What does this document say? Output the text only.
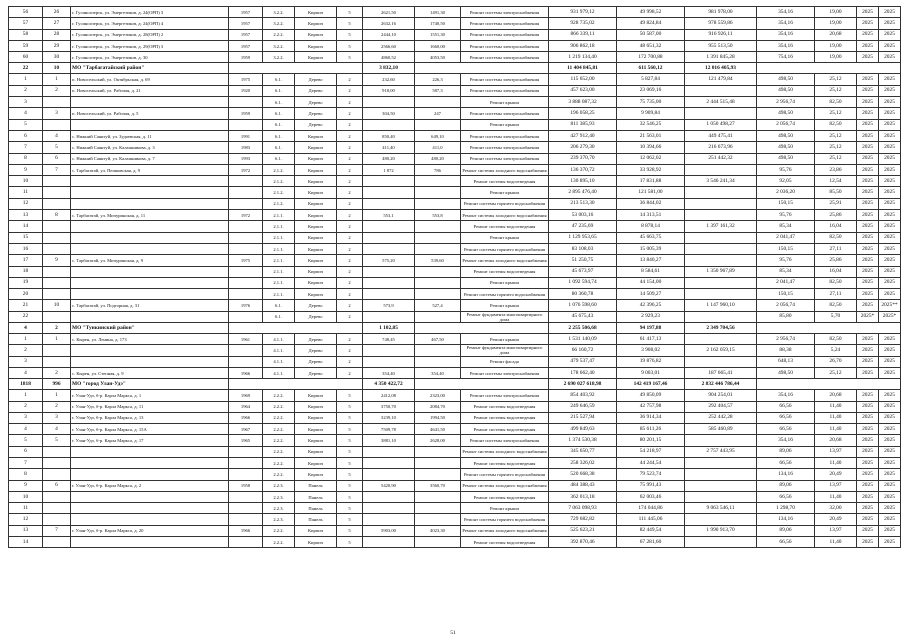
56	26	г. Гусиноозерск, ул. Энергетиков, д. 24(ОРП) 3	1957	3.2.2.	Кирпич	5	2621,50	1491,30	Ремонт системы электроснабжения	931 979,12	49 998,52	981 978,00	354,16	19,00	2025	2025
57	27	г. Гусиноозерск, ул. Энергетиков, д. 24(ОРП) 4	1957	3.2.2.	Кирпич	5	2632,16	1740,50	Ремонт системы электроснабжения	928 735,02	49 824,84	978 559,86	354,16	19,00	2025	2025
58	28	г. Гусиноозерск, ул. Энергетиков, д. 28(ОРП) 2	1957	2.2.2.	Кирпич	5	2444,10	1551,30	Ремонт системы электроснабжения	866 339,11	50 587,00	916 926,11	354,16	20,68	2025	2025
59	29	г. Гусиноозерск, ул. Энергетиков, д. 29(ОРП) 3	1957	3.2.2.	Кирпич	5	2566,60	1660,00	Ремонт системы электроснабжения	906 862,18	48 651,32	955 513,50	354,16	19,00	2025	2025
60	30	г. Гусиноозерск, ул. Энергетиков, д. 30	1959	3.2.2.	Кирпич	5	4860,52	4053,50	Ремонт системы электроснабжения	1 219 134,40	172 700,88	1 391 845,28	754,16	19,00	2025	2025
22	10	МО "Тарбагатайский район"					3 832,10			11 404 845,81	611 560,12	12 016 405,93				
1	1	п. Новосельский, ул. Октябрьская, д. 69	1975	6.1.	Дерево	2	232,60	226,3	Ремонт системы электроснабжения	115 652,00	5 827,84	121 479,84	498,50	25,12	2025	2025
2	2	п. Новосельский, ул. Рабочая, д. 21	1920	6.1.	Дерево	2	918,00	587,3	Ремонт системы электроснабжения	457 623,00	23 069,16		498,50	25,12	2025	2025
3				6.1.	Дерево	2			Ремонт крыши	3 888 087,32	75 735,00	2 444 515,48	2 956,74	82,50	2025	2025
4	3	п. Новосельский, ул. Рабочая, д. 5	1959	6.1.	Дерево	2	304,50	247	Ремонт системы электроснабжения	196 058,25	9 909,84		498,50	25,12	2025	2025
5				6.1.	Дерево	2			Ремонт крыши	811 385,93	32 546,25	1 050 498,27	2 056,74	82,50	2025	2025
6	4	с. Нижний Саянтуй, ул. Зудаевская, д. 11	1991	6.1.	Кирпич	2	850,40	649,10	Ремонт системы электроснабжения	427 912,40	21 563,01	449 475,41	498,50	25,12	2025	2025
7	5	с. Нижний Саянтуй, ул. Калашникова, д. 3	1983	6.1.	Кирпич	2	411,40	411,0	Ремонт системы электроснабжения	206 279,30	10 394,66	216 673,96	498,50	25,12	2025	2025
8	6	с. Нижний Саянтуй, ул. Калашникова, д. 7	1993	6.1.	Кирпич	2	480,20	480,20	Ремонт системы электроснабжения	239 370,70	12 062,02	251 442,32	498,50	25,12	2025	2025
9	7	с. Тарбагатай, ул. Пешковская, д. 9	1972	2.1.2.	Кирпич	2	1 872	786	Ремонт системы холодного водоснабжения	136 370,72	33 928,92		95,76	23,86	2025	2025
10				2.1.2.	Кирпич	2			Ремонт системы водоотведения	130 895,10	17 831,88	3 546 241,34	92,05	12,54	2025	2025
11				2.1.2.	Кирпич	2			Ремонт крыши	2 895 476,40	121 581,00		2 036,20	85,50	2025	2025
12				2.1.2.	Кирпич	2			Ремонт системы горячего водоснабжения	213 513,30	36 844,02		150,15	25,91	2025	2025
13	8	с. Тарбагатай, ул. Мичуринская, д. 11	1972	2.1.1.	Кирпич	2	553,1	553,8	Ремонт системы холодного водоснабжения	53 003,16	14 313,51		95,76	25,86	2025	2025
14				2.1.1.	Кирпич	2			Ремонт системы водоотведения	47 235,69	8 878,14	1 397 161,32	85,34	16,04	2025	2025
15				2.1.1.	Кирпич	2			Ремонт крыши	1 129 953,65	45 663,75		2 041,47	82,50	2025	2025
16				2.1.1.	Кирпич	2			Ремонт системы горячего водоснабжения	83 108,03	15 005,39		150,15	27,11	2025	2025
17	9	с. Тарбагатай, ул. Мичуринская, д. 9	1975	2.1.1.	Кирпич	2	575,20	539,60	Ремонт системы холодного водоснабжения	51 250,75	13 840,27		95,76	25,86	2025	2025
18				2.1.1.	Кирпич	2			Ремонт системы водоотведения	45 673,97	8 584,61	1 350 967,89	85,34	16,04	2025	2025
19				2.1.1.	Кирпич	2			Ремонт крыши	1 092 594,74	44 154,00		2 041,47	82,50	2025	2025
20				2.1.1.	Кирпич	2			Ремонт системы горячего водоснабжения	80 360,78	14 509,27		150,15	27,11	2025	2025
21	10	с. Тарбагатай, ул. Подгорная, д. 31	1976	6.1.	Дерево	2	573,9	527,4	Ремонт крыши	1 076 598,60	42 396,25	1 147 960,10	2 056,74	82,50	2025	2025**
22				6.1.	Дерево	2			Ремонт фундамента многоквартирного дома	45 675,43	2 929,23		85,80	5,70	2025*	2025*
4	2	МО "Тункинский район"					1 102,85			2 255 506,68	94 197,88	2 349 704,56				
1	1	с. Кырен, ул. Ленина, д. 173	1961	4.1.1.	Дерево	2	748,45	467,50	Ремонт крыши	1 531 140,09	61 417,13		2 956,74	82,50	2025	2025
2				4.1.1.	Дерево	2			Ремонт фундамента многоквартирного дома	66 160,72	3 908,02	2 162 059,15	88,38	5,24	2025	2025
3				4.1.1.	Дерево	2			Ремонт фасада	479 537,47	19 876,82		648,13	26,70	2025	2025
4	2	с. Кырен, ул. Степная, д. 9	1966	4.1.1.	Дерево	2	354,40	354,40	Ремонт системы электроснабжения	178 662,40	9 003,01	187 665,41	498,50	25,12	2025	2025
1818	996	МО "город Улан-Удэ"					4 350 422,72			2 690 027 618,98	142 419 167,46	2 832 446 786,44				
1	1	г. Улан-Удэ, б-р. Карла Маркса, д. 1	1969	2.2.2.	Кирпич	5	2412,08	2323,00	Ремонт системы электроснабжения	854 403,92	49 850,09	904 254,01	354,16	20,68	2025	2025
2	2	г. Улан-Удэ, б-р. Карла Маркса, д. 11	1964	2.2.2.	Кирпич	5	3750,70	2084,70	Ремонт системы водоотведения	249 646,59	42 757,98	292 404,57	66,56	11,40	2025	2025
3	3	г. Улан-Удэ, б-р. Карла Маркса, д. 13	1966	2.2.2.	Кирпич	5	3239,10	1994,50	Ремонт системы водоотведения	215 527,94	36 914,34	252 442,28	66,56	11,40	2025	2025
4	4	г. Улан-Удэ, б-р. Карла Маркса, д. 15А	1967	2.2.2.	Кирпич	5	7509,78	4641,50	Ремонт системы водоотведения	499 849,63	85 611,26	585 460,89	66,56	11,40	2025	2025
5	5	г. Улан-Удэ, б-р. Карла Маркса, д. 17	1965	2.2.2.	Кирпич	5	3881,10	2628,00	Ремонт системы электроснабжения	1 374 530,38	80 201,15		354,16	20,68	2025	2025
6				2.2.2.	Кирпич	5			Ремонт системы холодного водоснабжения	345 650,77	54 218,97	2 757 443,95	89,06	13,97	2025	2025
7				2.2.2.	Кирпич	5			Ремонт системы водоотведения	258 326,02	44 244,54		66,56	11,40	2025	2025
8				2.2.2.	Кирпич	5			Ремонт системы горячего водоснабжения	520 668,38	79 523,74		134,16	20,49	2025	2025
9	6	г. Улан-Удэ, б-р. Карла Маркса, д. 2	1958	2.2.3.	Панель	5	5420,90	3560,70	Ремонт системы холодного водоснабжения	484 388,43	75 991,43		89,06	13,97	2025	2025
10				2.2.3.	Панель	5			Ремонт системы водоотведения	362 013,18	62 003,46		66,56	11,40	2025	2025
11				2.2.3.	Панель	5			Ремонт крыши	7 063 098,93	174 044,86	9 063 546,11	1 298,70	32,00	2025	2025
12				2.2.3.	Панель	5			Ремонт системы горячего водоснабжения	729 682,82	111 445,06		134,16	20,49	2025	2025
13	7	г. Улан-Удэ, б-р. Карла Маркса, д. 20	1966	2.2.2.	Кирпич	5	5903,00	4023,30	Ремонт системы холодного водоснабжения	525 623,21	82 449,54	1 990 913,70	89,06	13,97	2025	2025
14				2.2.2.	Кирпич	5			Ремонт системы водоотведения	392 870,46	67 281,60		66,56	11,40	2025	2025
51
